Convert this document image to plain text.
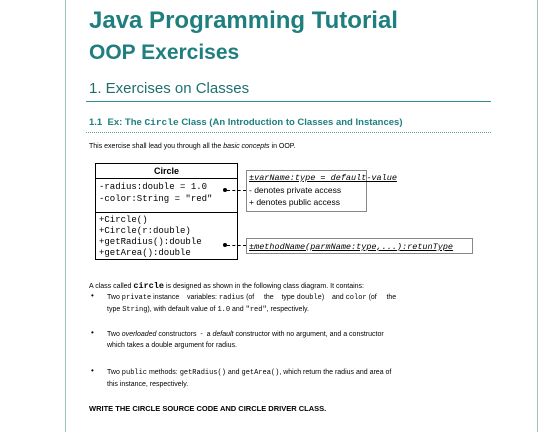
Java Programming Tutorial
OOP Exercises
1. Exercises on Classes
1.1 Ex: The Circle Class (An Introduction to Classes and Instances)
This exercise shall lead you through all the basic concepts in OOP.
Circle
-radius:double = 1.0
-color:String = "red"
+Circle()
+Circle(r:double)
+getRadius():double
+getArea():double
±varName:type = default-value
- denotes private access
+ denotes public access
±methodName(parmName:type,...):retunType
A class called circle is designed as shown in the following class diagram. It contains:
• Two private instance    variables: radius (of     the    type double)    and color (of     the
type String), with default value of 1.0 and "red", respectively.
• Two overloaded constructors  -  a default constructor with no argument, and a constructor
which takes a double argument for radius.
• Two public methods: getRadius() and getArea(), which return the radius and area of
this instance, respectively.
WRITE THE CIRCLE SOURCE CODE AND CIRCLE DRIVER CLASS.
